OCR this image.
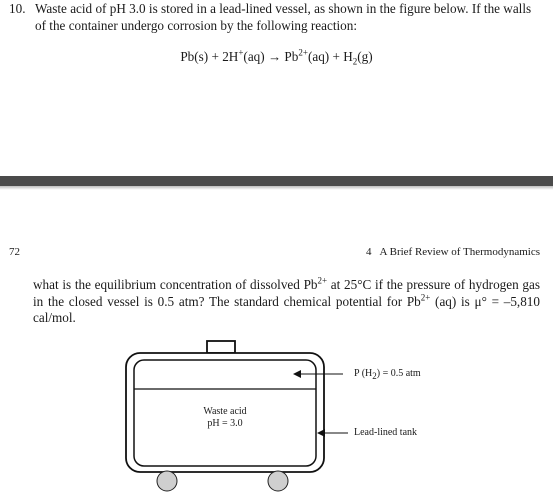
10. Waste acid of pH 3.0 is stored in a lead-lined vessel, as shown in the figure below. If the walls
of the container undergo corrosion by the following reaction:
$Pb(s) + 2H^+(aq) \to Pb^{2+}(aq) + H_2(g)$
72	4 A Brief Review of Thermodynamics
what is the equilibrium concentration of dissolved $Pb^{2+}$ at 25°C if the pressure of hydrogen gas in the closed vessel is 0.5 atm? The standard chemical potential for $Pb^{2+}$ (aq) is μ° = –5,810 cal/mol.
Waste acid
pH = 3.0
P $(H_2) = 0.5$ atm
Lead-lined tank
